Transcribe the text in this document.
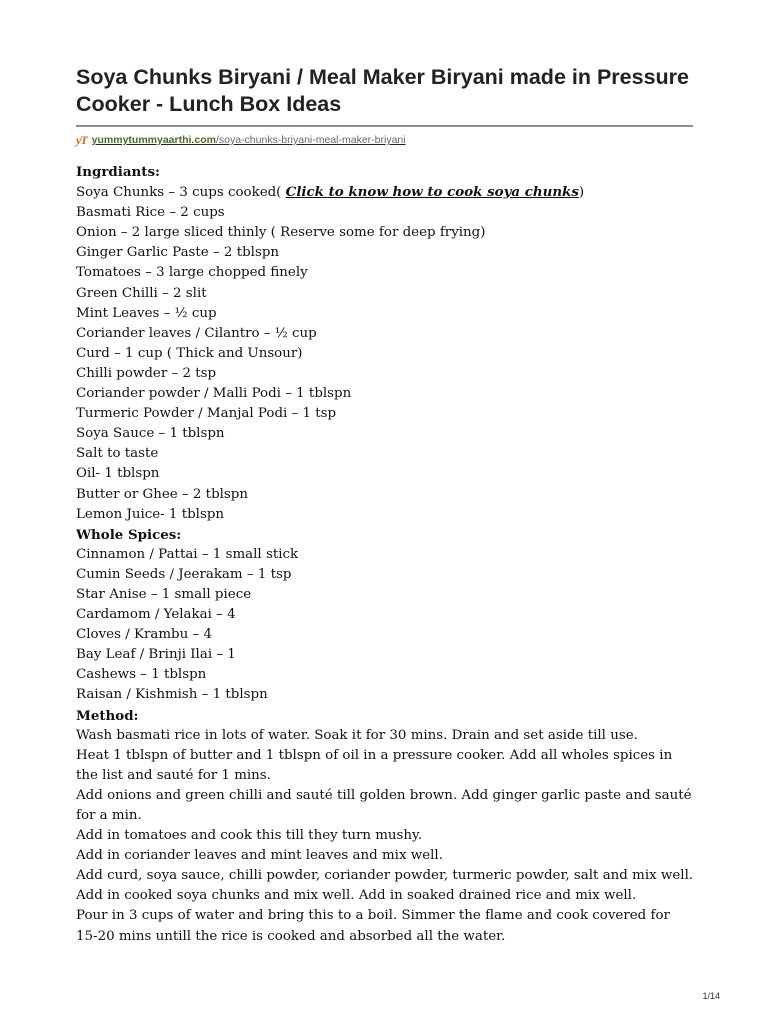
Soya Chunks Biryani / Meal Maker Biryani made in Pressure Cooker - Lunch Box Ideas
yT yummytummyaarthi.com/soya-chunks-briyani-meal-maker-briyani
Ingrdiants:
Soya Chunks – 3 cups cooked( Click to know how to cook soya chunks)
Basmati Rice – 2 cups
Onion – 2 large sliced thinly ( Reserve some for deep frying)
Ginger Garlic Paste – 2 tblspn
Tomatoes – 3 large chopped finely
Green Chilli – 2 slit
Mint Leaves – ½ cup
Coriander leaves / Cilantro – ½ cup
Curd – 1 cup ( Thick and Unsour)
Chilli powder – 2 tsp
Coriander powder / Malli Podi – 1 tblspn
Turmeric Powder / Manjal Podi – 1 tsp
Soya Sauce – 1 tblspn
Salt to taste
Oil- 1 tblspn
Butter or Ghee – 2 tblspn
Lemon Juice- 1 tblspn
Whole Spices:
Cinnamon / Pattai – 1 small stick
Cumin Seeds / Jeerakam – 1 tsp
Star Anise – 1 small piece
Cardamom / Yelakai – 4
Cloves / Krambu – 4
Bay Leaf / Brinji Ilai – 1
Cashews – 1 tblspn
Raisan / Kishmish – 1 tblspn
Method:
Wash basmati rice in lots of water. Soak it for 30 mins. Drain and set aside till use.
Heat 1 tblspn of butter and 1 tblspn of oil in a pressure cooker. Add all wholes spices in the list and sauté for 1 mins.
Add onions and green chilli and sauté till golden brown. Add ginger garlic paste and sauté for a min.
Add in tomatoes and cook this till they turn mushy.
Add in coriander leaves and mint leaves and mix well.
Add curd, soya sauce, chilli powder, coriander powder, turmeric powder, salt and mix well.
Add in cooked soya chunks and mix well. Add in soaked drained rice and mix well.
Pour in 3 cups of water and bring this to a boil. Simmer the flame and cook covered for 15-20 mins untill the rice is cooked and absorbed all the water.
1/14
